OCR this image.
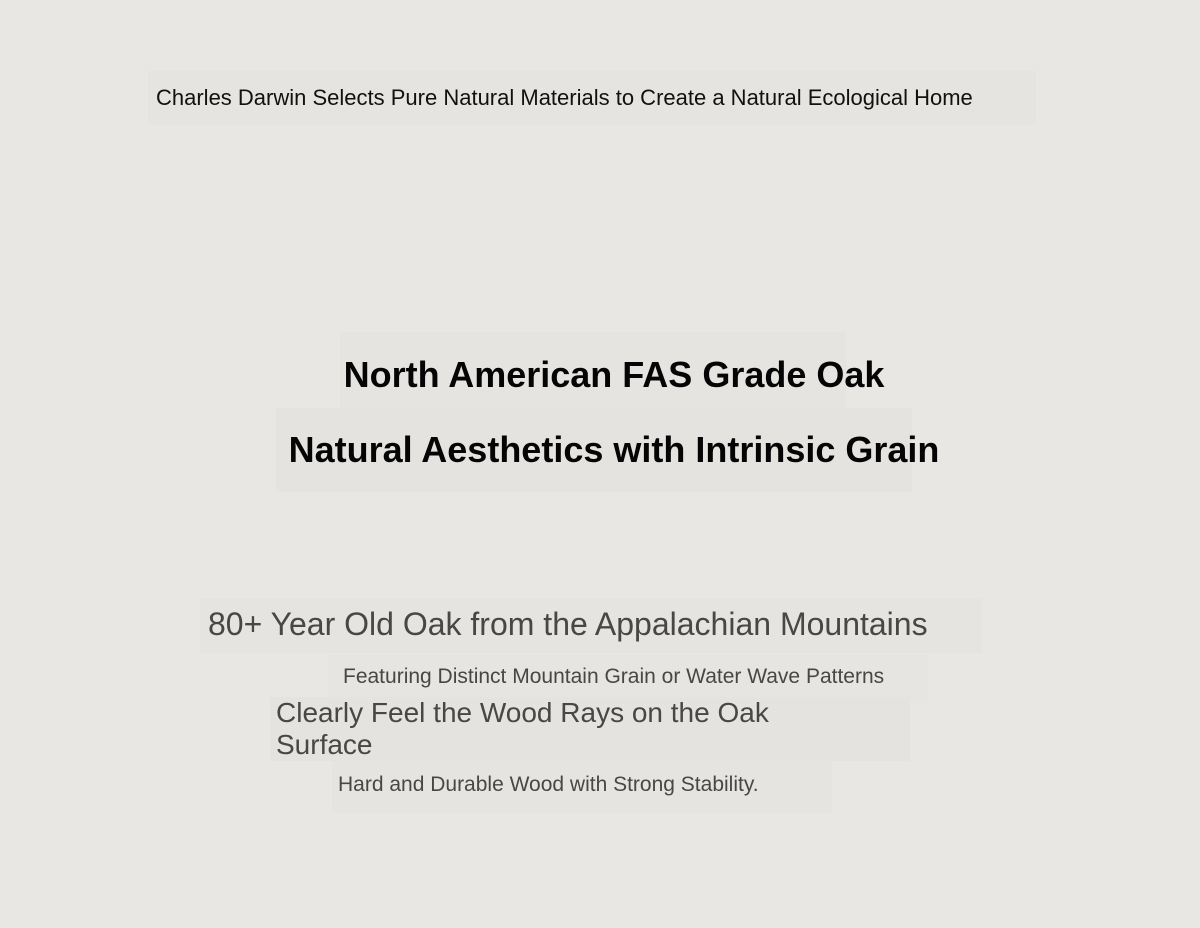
Charles Darwin Selects Pure Natural Materials to Create a Natural Ecological Home
North American FAS Grade Oak
Natural Aesthetics with Intrinsic Grain
80+ Year Old Oak from the Appalachian Mountains
Featuring Distinct Mountain Grain or Water Wave Patterns
Clearly Feel the Wood Rays on the Oak Surface
Hard and Durable Wood with Strong Stability.
